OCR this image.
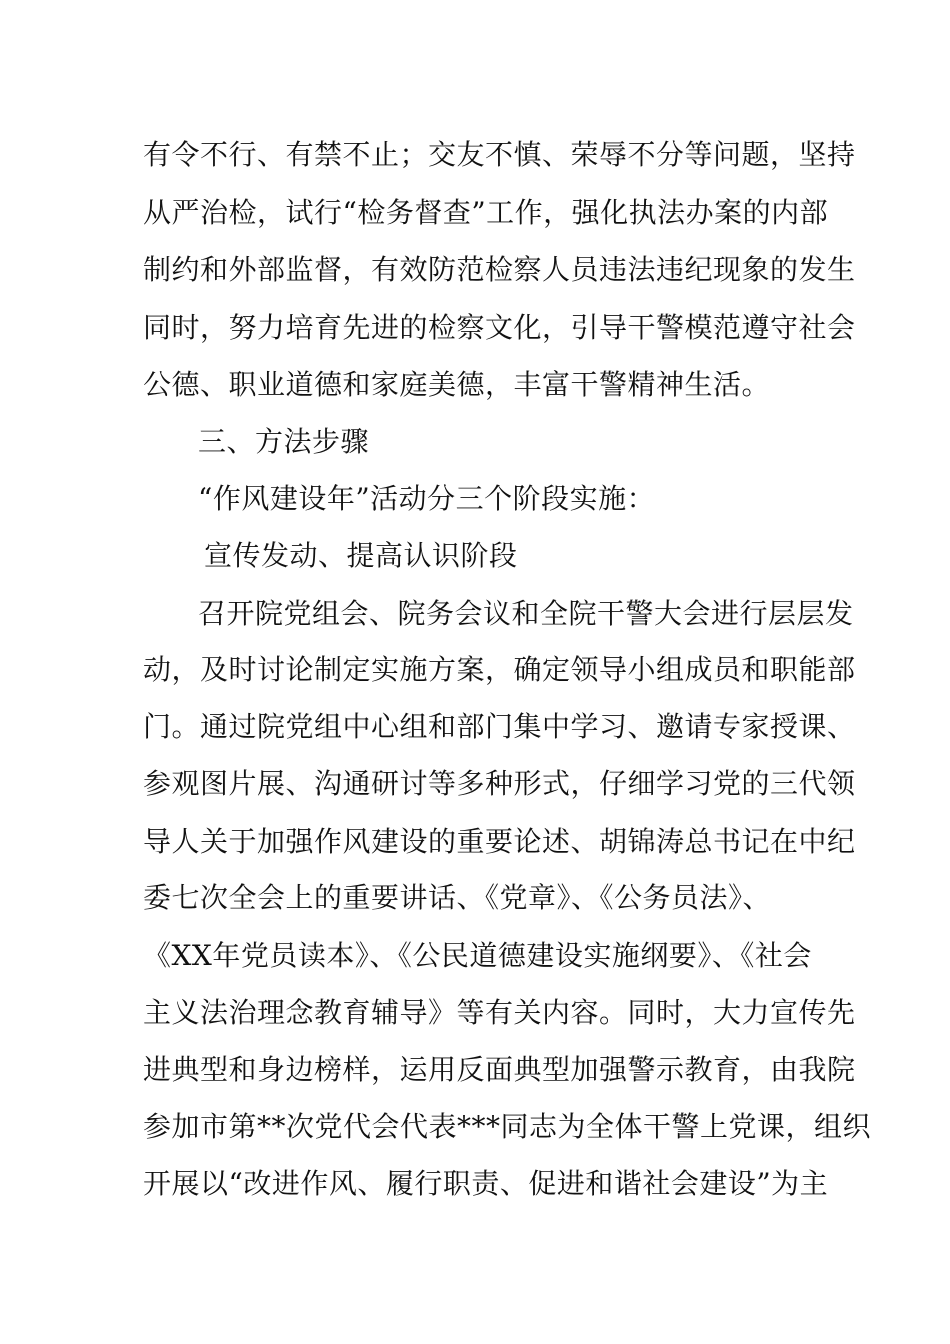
有令不行、有禁不止；交友不慎、荣辱不分等问题，坚持
从严治检，试行“检务督查”工作，强化执法办案的内部
制约和外部监督，有效防范检察人员违法违纪现象的发生
同时，努力培育先进的检察文化，引导干警模范遵守社会
公德、职业道德和家庭美德，丰富干警精神生活。
三、方法步骤
“作风建设年”活动分三个阶段实施：
宣传发动、提高认识阶段
召开院党组会、院务会议和全院干警大会进行层层发
动，及时讨论制定实施方案，确定领导小组成员和职能部
门。通过院党组中心组和部门集中学习、邀请专家授课、
参观图片展、沟通研讨等多种形式，仔细学习党的三代领
导人关于加强作风建设的重要论述、胡锦涛总书记在中纪
委七次全会上的重要讲话、《党章》、《公务员法》、
《XX年党员读本》、《公民道德建设实施纲要》、《社会
主义法治理念教育辅导》等有关内容。同时，大力宣传先
进典型和身边榜样，运用反面典型加强警示教育，由我院
参加市第**次党代会代表***同志为全体干警上党课，组织
开展以“改进作风、履行职责、促进和谐社会建设”为主
